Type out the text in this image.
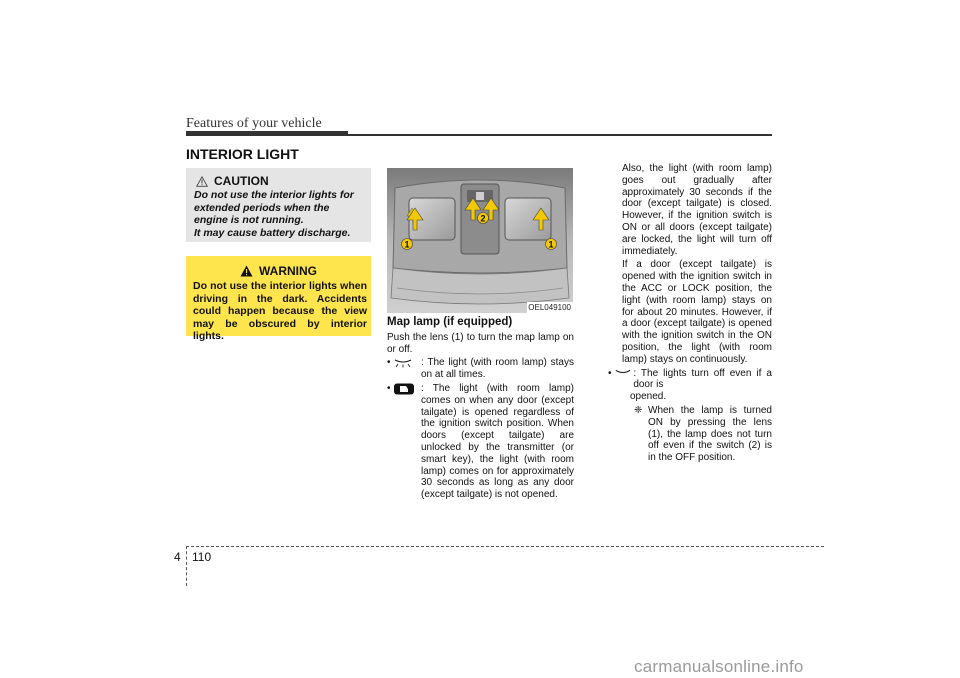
Features of your vehicle
INTERIOR LIGHT
CAUTION
Do not use the interior lights for extended periods when the engine is not running.
It may cause battery discharge.
WARNING
Do not use the interior lights when driving in the dark. Accidents could happen because the view may be obscured by interior lights.
1
2
1
OEL049100
Map lamp (if equipped)
Push the lens (1) to turn the map lamp on or off.
•	: The light (with room lamp) stays on at all times.
•	: The light (with room lamp) comes on when any door (except tailgate) is opened regardless of the ignition switch position. When doors (except tailgate) are unlocked by the transmitter (or smart key), the light (with room lamp) comes on for approximately 30 seconds as long as any door (except tailgate) is not opened.
Also, the light (with room lamp) goes out gradually after approximately 30 seconds if the door (except tailgate) is closed. However, if the ignition switch is ON or all doors (except tailgate) are locked, the light will turn off immediately.
If a door (except tailgate) is opened with the ignition switch in the ACC or LOCK position, the light (with room lamp) stays on for about 20 minutes. However, if a door (except tailgate) is opened with the ignition switch in the ON position, the light (with room lamp) stays on continuously.
• : The lights turn off even if a door is
opened.
❈ When the lamp is turned ON by pressing the lens (1), the lamp does not turn off even if the switch (2) is in the OFF position.
4 110
carmanualsonline.info
